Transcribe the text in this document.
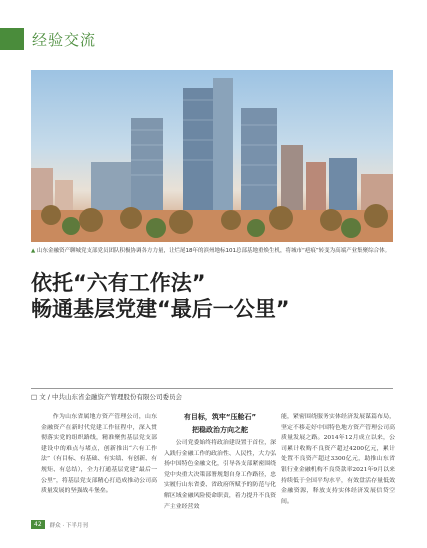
经验交流
▲ 山东金融资产聊城党支部党员团队积极协调各方力量，让烂尾18年的滨州地标101总部基地重焕生机，将城市“疤痕”转变为高端产业集聚综合体。
依托“六有工作法”
畅通基层党建“最后一公里”
□ 文 / 中共山东省金融资产管理股份有限公司委员会

作为山东省属地方资产管理公司，山东金融资产在新时代党建工作征程中，深入贯彻落实党的组织路线，精准聚焦基层党支部建设中的难点与堵点，创新推出“六有工作法”（有目标、有基础、有实绩、有创新、有规矩、有总结），全力打通基层党建“最后一公里”，将基层党支部精心打造成推动公司高质量发展的坚强战斗堡垒。

有目标，筑牢“压舱石”
把稳政治方向之舵

公司党委始终将政治建设置于首位，深入践行金融工作的政治性、人民性，大力弘扬中国特色金融文化，引导各支部紧密围绕党中央重大决策部署规划自身工作路径，忠实履行山东省委、省政府所赋予的防范与化解区域金融风险使命职责，着力提升不良资产主业经营效

能，紧密围绕服务实体经济发展谋篇布局，坚定不移走好中国特色地方资产管理公司高质量发展之路。2014年12月成立以来，公司累计收购不良资产超过4200亿元，累计处置不良资产超过3300亿元，助推山东省银行业金融机构不良贷款率2021年9月以来持续低于全国平均水平，有效盘活存量低效金融资源，释放支持实体经济发展信贷空间。

42	群众 · 下半月刊
